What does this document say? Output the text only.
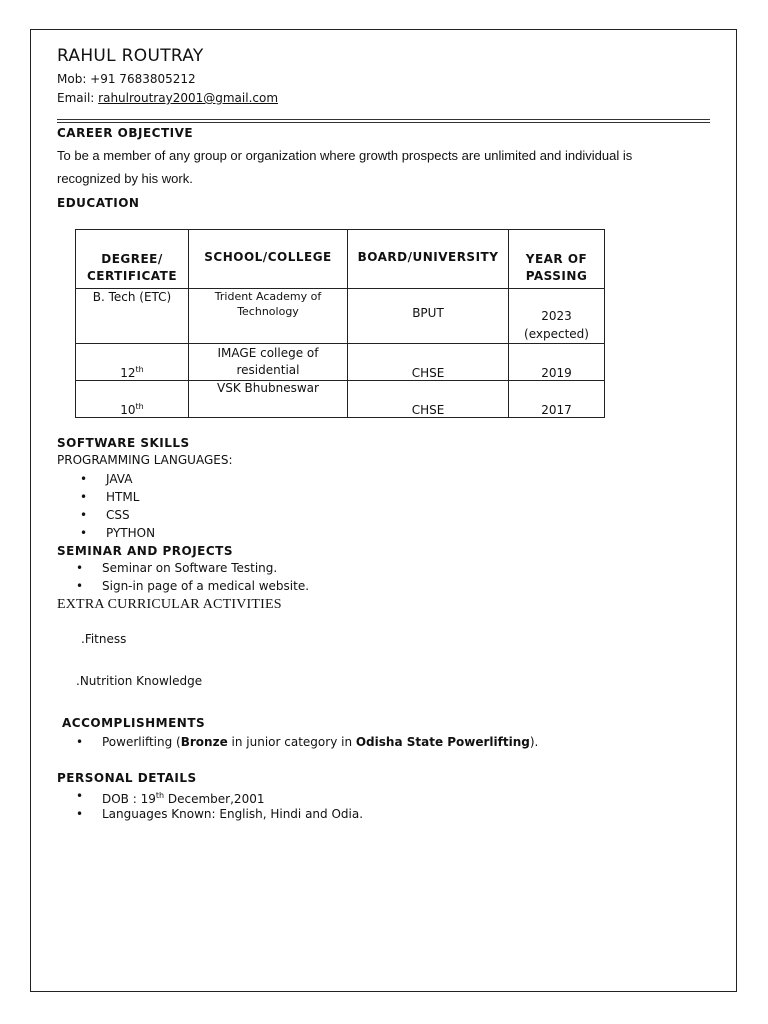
RAHUL ROUTRAY
Mob: +91 7683805212
Email: rahulroutray2001@gmail.com
CAREER OBJECTIVE
To be a member of any group or organization where growth prospects are unlimited and individual is recognized by his work.
EDUCATION
DEGREE/ CERTIFICATE	SCHOOL/COLLEGE	BOARD/UNIVERSITY	YEAR OF PASSING
B. Tech (ETC)	Trident Academy of Technology	BPUT	2023 (expected)
12th	IMAGE college of residential	CHSE	2019
10th	VSK Bhubneswar	CHSE	2017
SOFTWARE SKILLS
PROGRAMMING LANGUAGES:
• JAVA
• HTML
• CSS
• PYTHON
SEMINAR AND PROJECTS
• Seminar on Software Testing.
• Sign-in page of a medical website.
EXTRA CURRICULAR ACTIVITIES
.Fitness
.Nutrition Knowledge
ACCOMPLISHMENTS
• Powerlifting (Bronze in junior category in Odisha State Powerlifting).
PERSONAL DETAILS
• DOB : 19th December,2001
• Languages Known: English, Hindi and Odia.
